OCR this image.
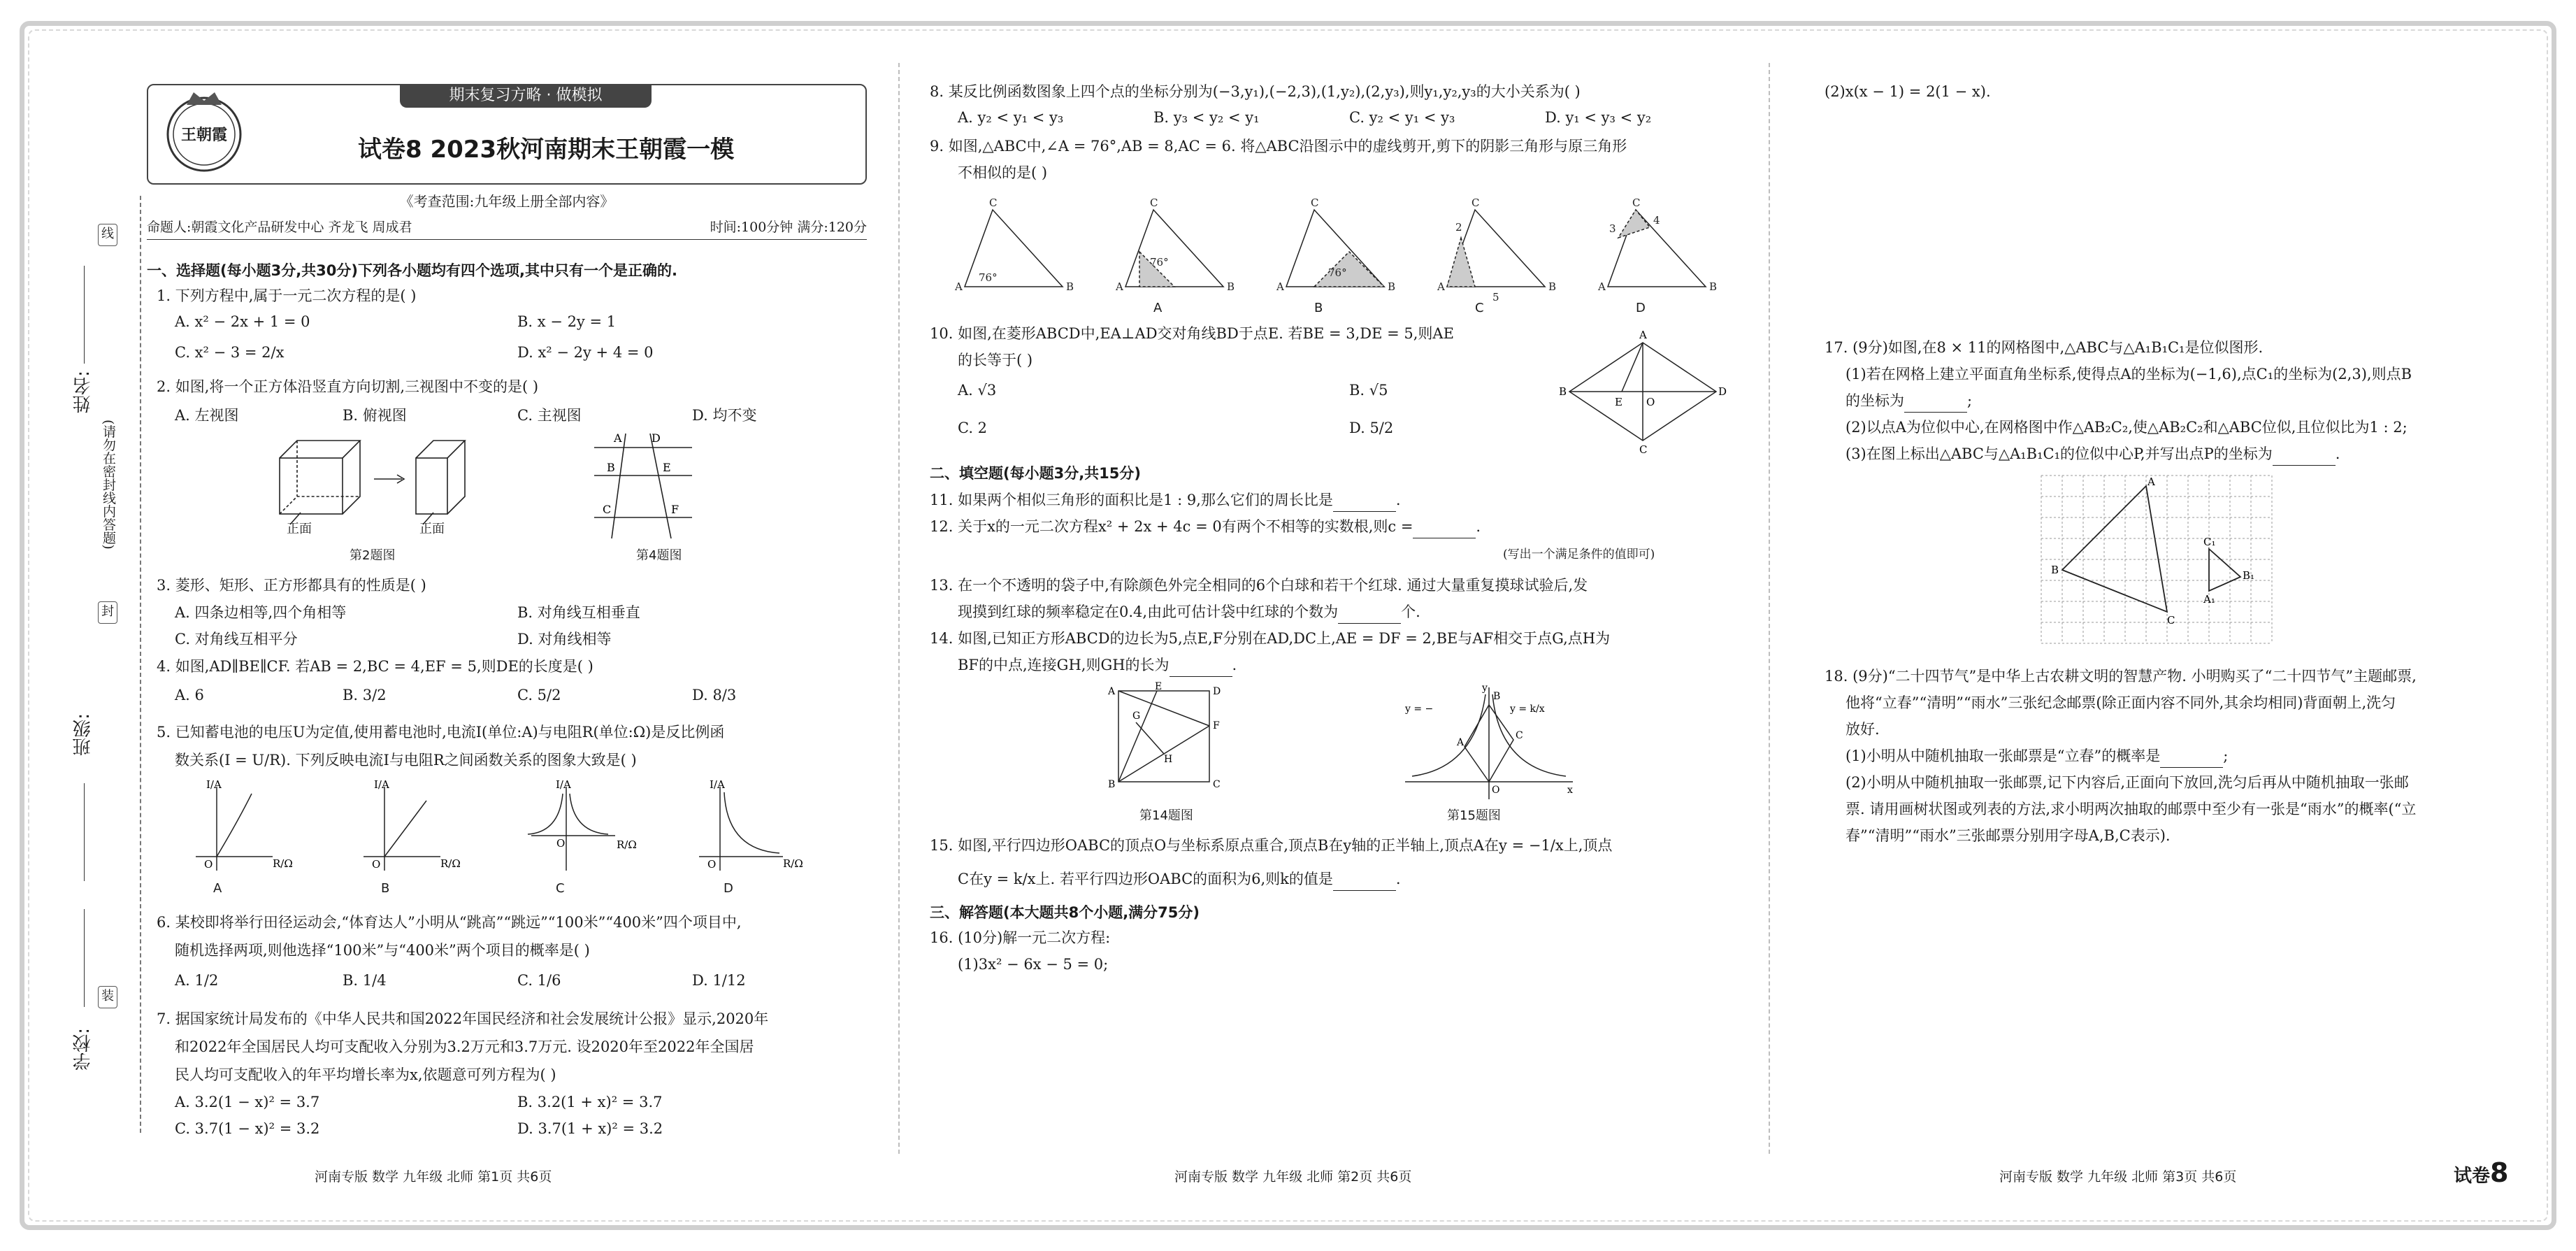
姓名:
班级:
学校:
线
封
装
(请勿在密封线内答题)
期末复习方略 · 做模拟
王朝霞
试卷8 2023秋河南期末王朝霞一模
《考查范围:九年级上册全部内容》
命题人:朝霞文化产品研发中心 齐龙飞 周成君	时间:100分钟 满分:120分
一、选择题(每小题3分,共30分)下列各小题均有四个选项,其中只有一个是正确的.
1. 下列方程中,属于一元二次方程的是( )
A. x² − 2x + 1 = 0	B. x − 2y = 1
C. x² − 3 = 2/x	D. x² − 2y + 4 = 0
2. 如图,将一个正方体沿竖直方向切割,三视图中不变的是( )
A. 左视图	B. 俯视图	C. 主视图	D. 均不变
正面	正面
第2题图
A	D
B	E
C	F
第4题图
3. 菱形、矩形、正方形都具有的性质是( )
A. 四条边相等,四个角相等	B. 对角线互相垂直
C. 对角线互相平分	D. 对角线相等
4. 如图,AD∥BE∥CF. 若AB = 2,BC = 4,EF = 5,则DE的长度是( )
A. 6	B. 3/2	C. 5/2	D. 8/3
5. 已知蓄电池的电压U为定值,使用蓄电池时,电流I(单位:A)与电阻R(单位:Ω)是反比例函
数关系(I = U/R). 下列反映电流I与电阻R之间函数关系的图象大致是( )
I/A
R/Ω
O
I/A
R/Ω
O
I/A
R/Ω
O
I/A
R/Ω
O
A	B	C	D
6. 某校即将举行田径运动会,“体育达人”小明从“跳高”“跳远”“100米”“400米”四个项目中,
随机选择两项,则他选择“100米”与“400米”两个项目的概率是( )
A. 1/2	B. 1/4	C. 1/6	D. 1/12
7. 据国家统计局发布的《中华人民共和国2022年国民经济和社会发展统计公报》显示,2020年
和2022年全国居民人均可支配收入分别为3.2万元和3.7万元. 设2020年至2022年全国居
民人均可支配收入的年平均增长率为x,依题意可列方程为( )
A. 3.2(1 − x)² = 3.7	B. 3.2(1 + x)² = 3.7
C. 3.7(1 − x)² = 3.2	D. 3.7(1 + x)² = 3.2
8. 某反比例函数图象上四个点的坐标分别为(−3,y₁),(−2,3),(1,y₂),(2,y₃),则y₁,y₂,y₃的大小关系为( )
A. y₂ < y₁ < y₃	B. y₃ < y₂ < y₁	C. y₂ < y₁ < y₃	D. y₁ < y₃ < y₂
9. 如图,△ABC中,∠A = 76°,AB = 8,AC = 6. 将△ABC沿图示中的虚线剪开,剪下的阴影三角形与原三角形
不相似的是( )
A	B
C
76°
76°
A	B
C
76°
A	B
C
2
5
A	B
C
3
4
A	B
C
A	B	C	D
10. 如图,在菱形ABCD中,EA⊥AD交对角线BD于点E. 若BE = 3,DE = 5,则AE
的长等于( )
A. √3	B. √5
C. 2	D. 5/2
B
A
D
C
E O
二、填空题(每小题3分,共15分)
11. 如果两个相似三角形的面积比是1 : 9,那么它们的周长比是	.
12. 关于x的一元二次方程x² + 2x + 4c = 0有两个不相等的实数根,则c =	.
(写出一个满足条件的值即可)
13. 在一个不透明的袋子中,有除颜色外完全相同的6个白球和若干个红球. 通过大量重复摸球试验后,发
现摸到红球的频率稳定在0.4,由此可估计袋中红球的个数为	个.
14. 如图,已知正方形ABCD的边长为5,点E,F分别在AD,DC上,AE = DF = 2,BE与AF相交于点G,点H为
BF的中点,连接GH,则GH的长为	.
A	E	D
B	C
F
G
H
第14题图
y = −
B
A
C
O	x
y
y = k/x
第15题图
15. 如图,平行四边形OABC的顶点O与坐标系原点重合,顶点B在y轴的正半轴上,顶点A在y = −1/x上,顶点
C在y = k/x上. 若平行四边形OABC的面积为6,则k的值是	.
三、解答题(本大题共8个小题,满分75分)
16. (10分)解一元二次方程:
(1)3x² − 6x − 5 = 0;
(2)x(x − 1) = 2(1 − x).
17. (9分)如图,在8 × 11的网格图中,△ABC与△A₁B₁C₁是位似图形.
(1)若在网格上建立平面直角坐标系,使得点A的坐标为(−1,6),点C₁的坐标为(2,3),则点B
的坐标为	;
(2)以点A为位似中心,在网格图中作△AB₂C₂,使△AB₂C₂和△ABC位似,且位似比为1 : 2;
(3)在图上标出△ABC与△A₁B₁C₁的位似中心P,并写出点P的坐标为	.
A
B
C
C₁
B₁
A₁
18. (9分)“二十四节气”是中华上古农耕文明的智慧产物. 小明购买了“二十四节气”主题邮票,
他将“立春”“清明”“雨水”三张纪念邮票(除正面内容不同外,其余均相同)背面朝上,洗匀
放好.
(1)小明从中随机抽取一张邮票是“立春”的概率是	;
(2)小明从中随机抽取一张邮票,记下内容后,正面向下放回,洗匀后再从中随机抽取一张邮
票. 请用画树状图或列表的方法,求小明两次抽取的邮票中至少有一张是“雨水”的概率(“立
春”“清明”“雨水”三张邮票分别用字母A,B,C表示).
河南专版 数学 九年级 北师 第1页 共6页	河南专版 数学 九年级 北师 第2页 共6页	河南专版 数学 九年级 北师 第3页 共6页	试卷8
